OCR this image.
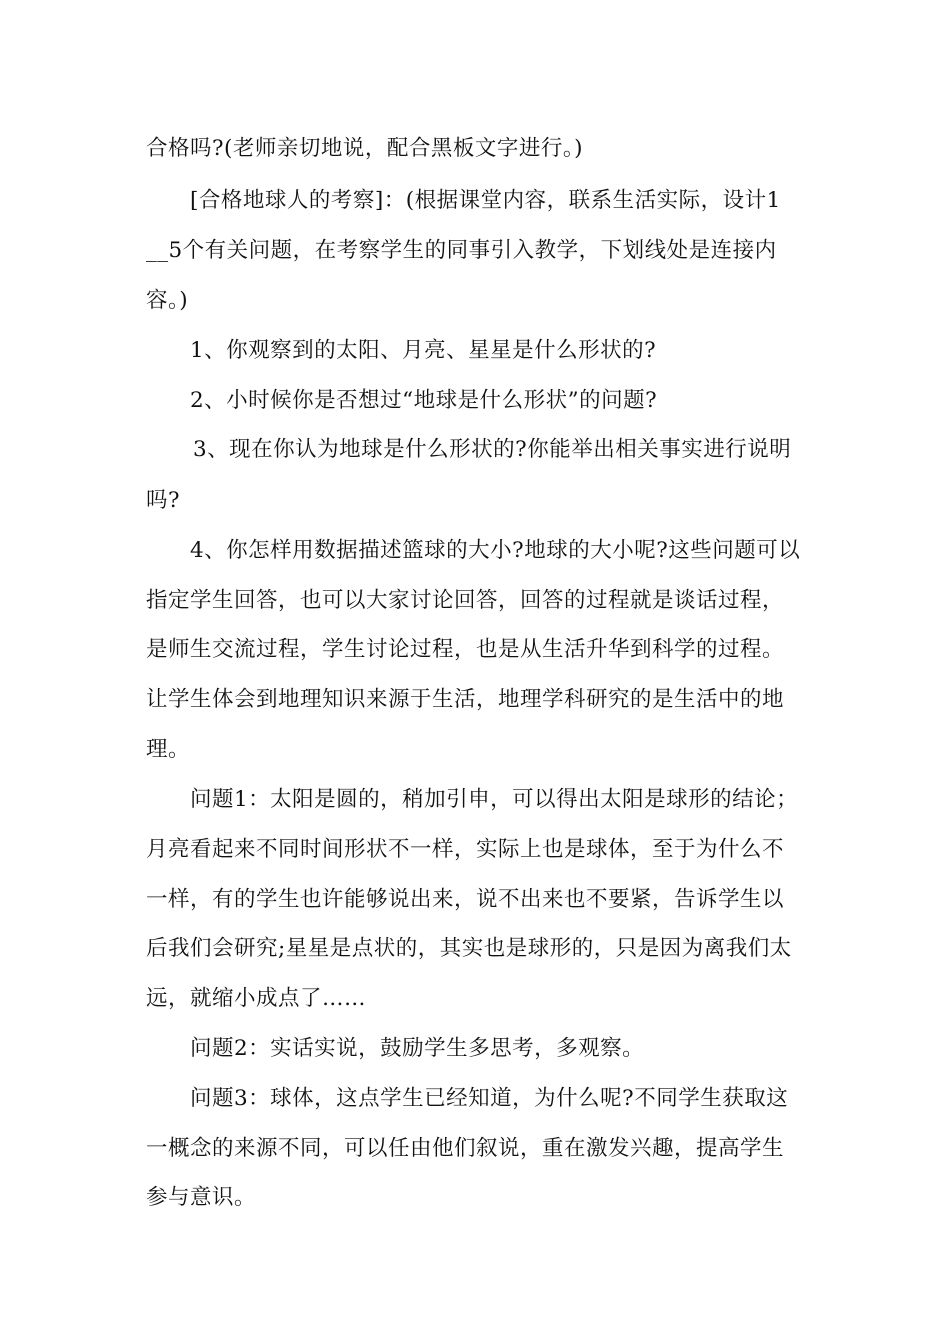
合格吗?(老师亲切地说，配合黑板文字进行。)
[合格地球人的考察]：(根据课堂内容，联系生活实际，设计1
__5个有关问题，在考察学生的同事引入教学，下划线处是连接内
容。)
1、你观察到的太阳、月亮、星星是什么形状的?
2、小时候你是否想过“地球是什么形状”的问题?
3、现在你认为地球是什么形状的?你能举出相关事实进行说明
吗?
4、你怎样用数据描述篮球的大小?地球的大小呢?这些问题可以
指定学生回答，也可以大家讨论回答，回答的过程就是谈话过程，
是师生交流过程，学生讨论过程，也是从生活升华到科学的过程。
让学生体会到地理知识来源于生活，地理学科研究的是生活中的地
理。
问题1：太阳是圆的，稍加引申，可以得出太阳是球形的结论；
月亮看起来不同时间形状不一样，实际上也是球体，至于为什么不
一样，有的学生也许能够说出来，说不出来也不要紧，告诉学生以
后我们会研究;星星是点状的，其实也是球形的，只是因为离我们太
远，就缩小成点了……
问题2：实话实说，鼓励学生多思考，多观察。
问题3：球体，这点学生已经知道，为什么呢?不同学生获取这
一概念的来源不同，可以任由他们叙说，重在激发兴趣，提高学生
参与意识。
